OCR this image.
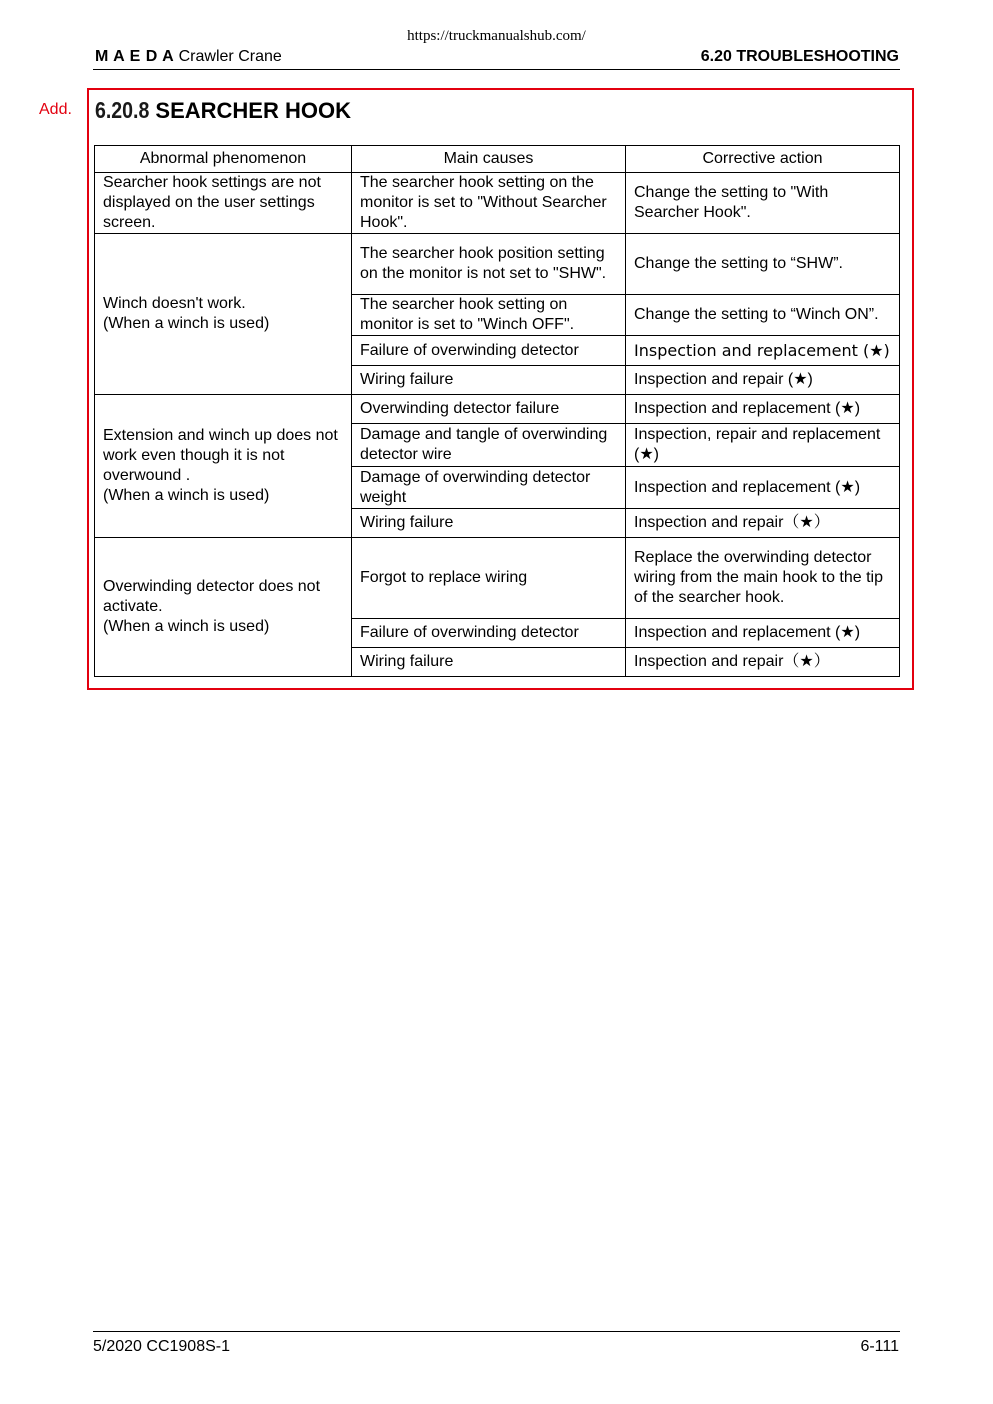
https://truckmanualshub.com/
M A E D A Crawler Crane	6.20 TROUBLESHOOTING
Add. 6.20.8 SEARCHER HOOK
Abnormal phenomenon	Main causes	Corrective action
Searcher hook settings are not displayed on the user settings screen.	The searcher hook setting on the monitor is set to "Without Searcher Hook".	Change the setting to "With Searcher Hook".
Winch doesn't work.
(When a winch is used)	The searcher hook position setting on the monitor is not set to "SHW".	Change the setting to “SHW”.
	The searcher hook setting on monitor is set to "Winch OFF".	Change the setting to “Winch ON”.
	Failure of overwinding detector	Inspection and replacement (★)
	Wiring failure	Inspection and repair (★)
Extension and winch up does not work even though it is not overwound .
(When a winch is used)	Overwinding detector failure	Inspection and replacement (★)
	Damage and tangle of overwinding detector wire	Inspection, repair and replacement (★)
	Damage of overwinding detector weight	Inspection and replacement (★)
	Wiring failure	Inspection and repair（★）
Overwinding detector does not activate.
(When a winch is used)	Forgot to replace wiring	Replace the overwinding detector wiring from the main hook to the tip of the searcher hook.
	Failure of overwinding detector	Inspection and replacement (★)
	Wiring failure	Inspection and repair（★）
5/2020 CC1908S-1	6-111
